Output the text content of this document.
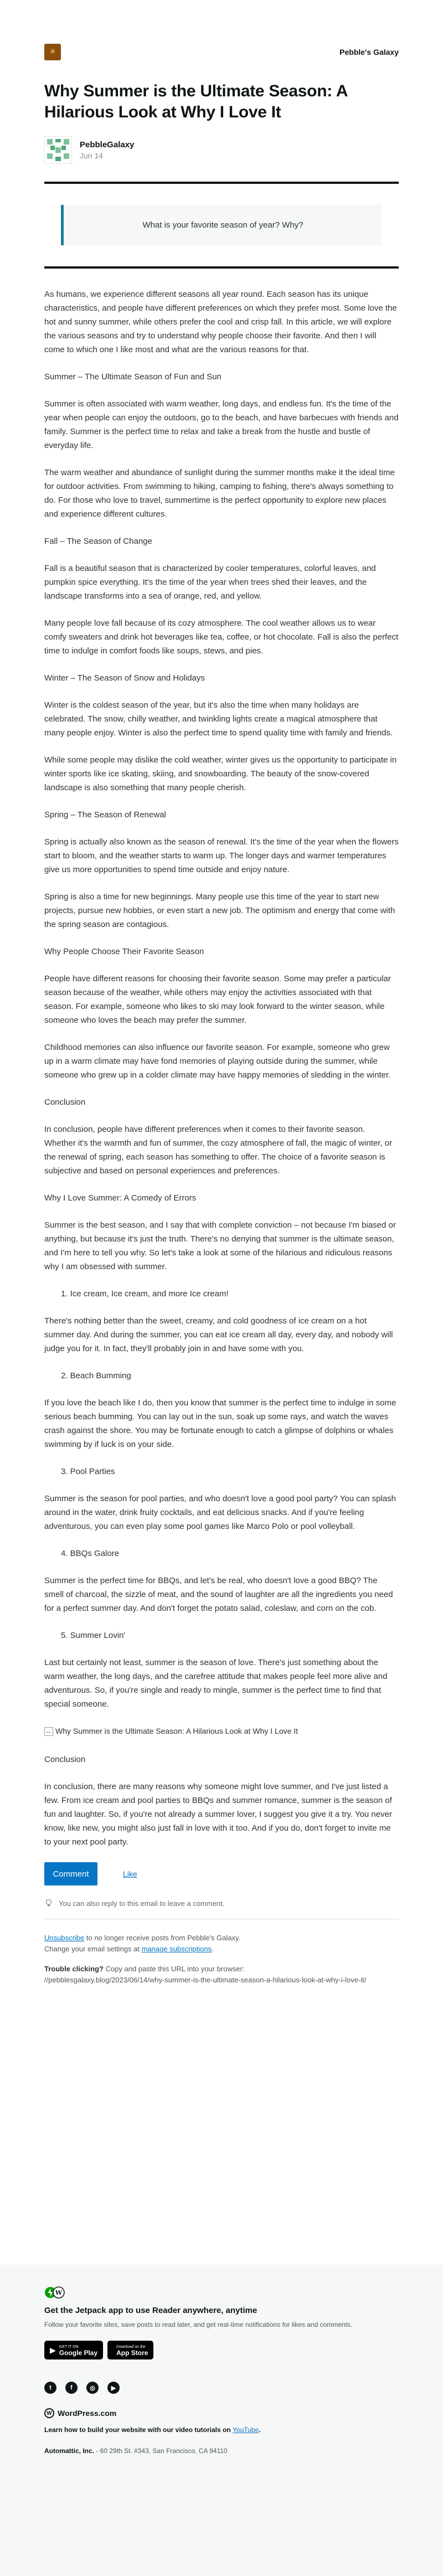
☀	Pebble's Galaxy
Why Summer is the Ultimate Season: A Hilarious Look at Why I Love It
PebbleGalaxy
Jun 14
What is your favorite season of year? Why?

As humans, we experience different seasons all year round. Each season has its unique characteristics, and people have different preferences on which they prefer most. Some love the hot and sunny summer, while others prefer the cool and crisp fall. In this article, we will explore the various seasons and try to understand why people choose their favorite. And then I will come to which one I like most and what are the various reasons for that.

Summer – The Ultimate Season of Fun and Sun

Summer is often associated with warm weather, long days, and endless fun. It's the time of the year when people can enjoy the outdoors, go to the beach, and have barbecues with friends and family. Summer is the perfect time to relax and take a break from the hustle and bustle of everyday life.

The warm weather and abundance of sunlight during the summer months make it the ideal time for outdoor activities. From swimming to hiking, camping to fishing, there's always something to do. For those who love to travel, summertime is the perfect opportunity to explore new places and experience different cultures.

Fall – The Season of Change

Fall is a beautiful season that is characterized by cooler temperatures, colorful leaves, and pumpkin spice everything. It's the time of the year when trees shed their leaves, and the landscape transforms into a sea of orange, red, and yellow.

Many people love fall because of its cozy atmosphere. The cool weather allows us to wear comfy sweaters and drink hot beverages like tea, coffee, or hot chocolate. Fall is also the perfect time to indulge in comfort foods like soups, stews, and pies.

Winter – The Season of Snow and Holidays

Winter is the coldest season of the year, but it's also the time when many holidays are celebrated. The snow, chilly weather, and twinkling lights create a magical atmosphere that many people enjoy. Winter is also the perfect time to spend quality time with family and friends.

While some people may dislike the cold weather, winter gives us the opportunity to participate in winter sports like ice skating, skiing, and snowboarding. The beauty of the snow-covered landscape is also something that many people cherish.

Spring – The Season of Renewal

Spring is actually also known as the season of renewal. It's the time of the year when the flowers start to bloom, and the weather starts to warm up. The longer days and warmer temperatures give us more opportunities to spend time outside and enjoy nature.

Spring is also a time for new beginnings. Many people use this time of the year to start new projects, pursue new hobbies, or even start a new job. The optimism and energy that come with the spring season are contagious.

Why People Choose Their Favorite Season

People have different reasons for choosing their favorite season. Some may prefer a particular season because of the weather, while others may enjoy the activities associated with that season. For example, someone who likes to ski may look forward to the winter season, while someone who loves the beach may prefer the summer.

Childhood memories can also influence our favorite season. For example, someone who grew up in a warm climate may have fond memories of playing outside during the summer, while someone who grew up in a colder climate may have happy memories of sledding in the winter.

Conclusion

In conclusion, people have different preferences when it comes to their favorite season. Whether it's the warmth and fun of summer, the cozy atmosphere of fall, the magic of winter, or the renewal of spring, each season has something to offer. The choice of a favorite season is subjective and based on personal experiences and preferences.

Why I Love Summer: A Comedy of Errors

Summer is the best season, and I say that with complete conviction – not because I'm biased or anything, but because it's just the truth. There's no denying that summer is the ultimate season, and I'm here to tell you why. So let's take a look at some of the hilarious and ridiculous reasons why I am obsessed with summer.

1. Ice cream, Ice cream, and more Ice cream!

There's nothing better than the sweet, creamy, and cold goodness of ice cream on a hot summer day. And during the summer, you can eat ice cream all day, every day, and nobody will judge you for it. In fact, they'll probably join in and have some with you.

2. Beach Bumming

If you love the beach like I do, then you know that summer is the perfect time to indulge in some serious beach bumming. You can lay out in the sun, soak up some rays, and watch the waves crash against the shore. You may be fortunate enough to catch a glimpse of dolphins or whales swimming by if luck is on your side.

3. Pool Parties

Summer is the season for pool parties, and who doesn't love a good pool party? You can splash around in the water, drink fruity cocktails, and eat delicious snacks. And if you're feeling adventurous, you can even play some pool games like Marco Polo or pool volleyball.

4. BBQs Galore

Summer is the perfect time for BBQs, and let's be real, who doesn't love a good BBQ? The smell of charcoal, the sizzle of meat, and the sound of laughter are all the ingredients you need for a perfect summer day. And don't forget the potato salad, coleslaw, and corn on the cob.

5. Summer Lovin'

Last but certainly not least, summer is the season of love. There's just something about the warm weather, the long days, and the carefree attitude that makes people feel more alive and adventurous. So, if you're single and ready to mingle, summer is the perfect time to find that special someone.

Why Summer is the Ultimate Season: A Hilarious Look at Why I Love It
Conclusion

In conclusion, there are many reasons why someone might love summer, and I've just listed a few. From ice cream and pool parties to BBQs and summer romance, summer is the season of fun and laughter. So, if you're not already a summer lover, I suggest you give it a try. You never know, like new, you might also just fall in love with it too. And if you do, don't forget to invite me to your next pool party.

Comment	Like
You can also reply to this email to leave a comment.
Unsubscribe to no longer receive posts from Pebble's Galaxy.
Change your email settings at manage subscriptions.
Trouble clicking? Copy and paste this URL into your browser:
//pebblesgalaxy.blog/2023/06/14/why-summer-is-the-ultimate-season-a-hilarious-look-at-why-i-love-it/
W
Get the Jetpack app to use Reader anywhere, anytime
Follow your favorite sites, save posts to read later, and get real-time notifications for likes and comments.
▶ GET IT ON
Google Play
Download on the
App Store
t	f	◎	▶
W WordPress.com
Learn how to build your website with our video tutorials on YouTube.
Automattic, Inc. - 60 29th St. #343, San Francisco, CA 94110
